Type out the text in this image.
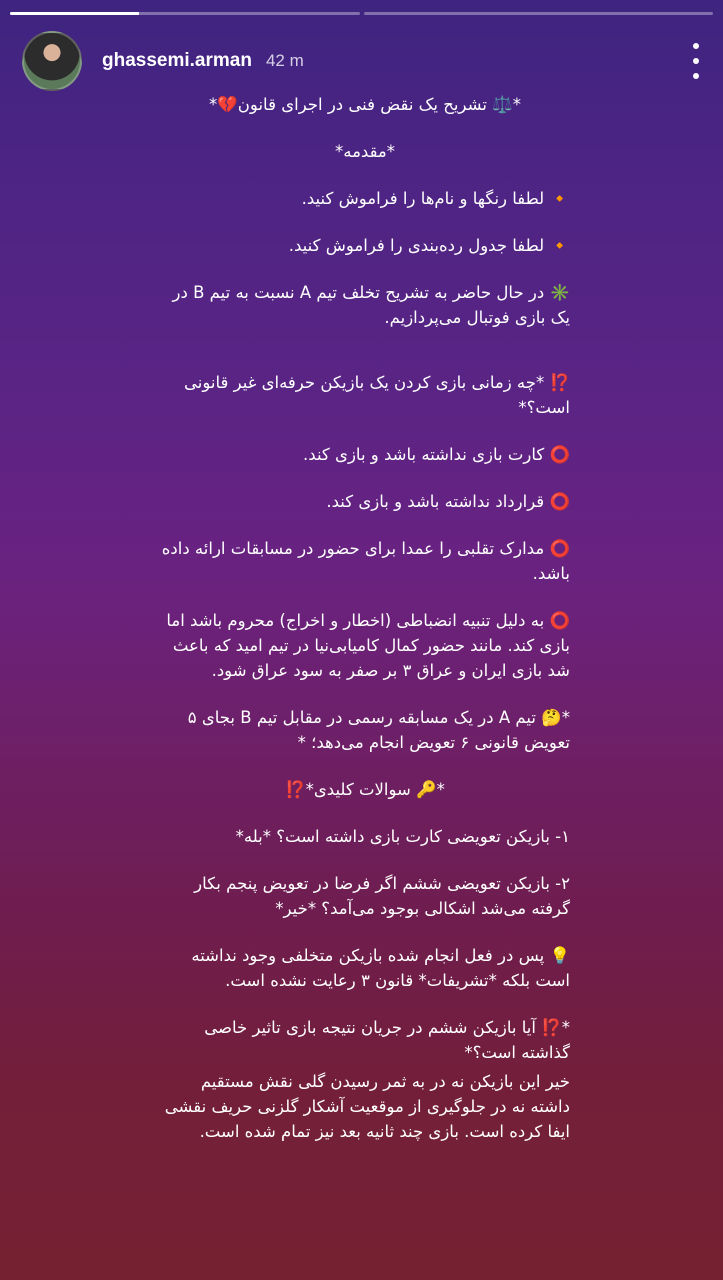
ghassemi.arman 42 m

*⚖️ تشریح یک نقض فنی در اجرای قانون💔*

*مقدمه*

🔸 لطفا رنگها و نام‌ها را فراموش کنید.

🔸 لطفا جدول رده‌بندی را فراموش کنید.

✳️ در حال حاضر به تشریح تخلف تیم A نسبت به تیم B در یک بازی فوتبال می‌پردازیم.

⁉️ *چه زمانی بازی کردن یک بازیکن حرفه‌ای غیر قانونی است؟*

⭕ کارت بازی نداشته باشد و بازی کند.

⭕ قرارداد نداشته باشد و بازی کند.

⭕ مدارک تقلبی را عمدا برای حضور در مسابقات ارائه داده باشد.

⭕ به دلیل تنبیه انضباطی (اخطار و اخراج) محروم باشد اما بازی کند. مانند حضور کمال کامیابی‌نیا در تیم امید که باعث شد بازی ایران و عراق ۳ بر صفر به سود عراق شود.

*🤔 تیم A در یک مسابقه رسمی در مقابل تیم B بجای ۵ تعویض قانونی ۶ تعویض انجام می‌دهد؛ *

*🔑 سوالات کلیدی*⁉️

۱- بازیکن تعویضی کارت بازی داشته است؟ *بله*

۲- بازیکن تعویضی ششم اگر فرضا در تعویض پنجم بکار گرفته می‌شد اشکالی بوجود می‌آمد؟ *خیر*

💡 پس در فعل انجام شده بازیکن متخلفی وجود نداشته است بلکه *تشریفات* قانون ۳ رعایت نشده است.

*⁉️ آیا بازیکن ششم در جریان نتیجه بازی تاثیر خاصی گذاشته است؟*

خیر این بازیکن نه در به ثمر رسیدن گلی نقش مستقیم داشته نه در جلوگیری از موقعیت آشکار گلزنی حریف نقشی ایفا کرده است. بازی چند ثانیه بعد نیز تمام شده است.
